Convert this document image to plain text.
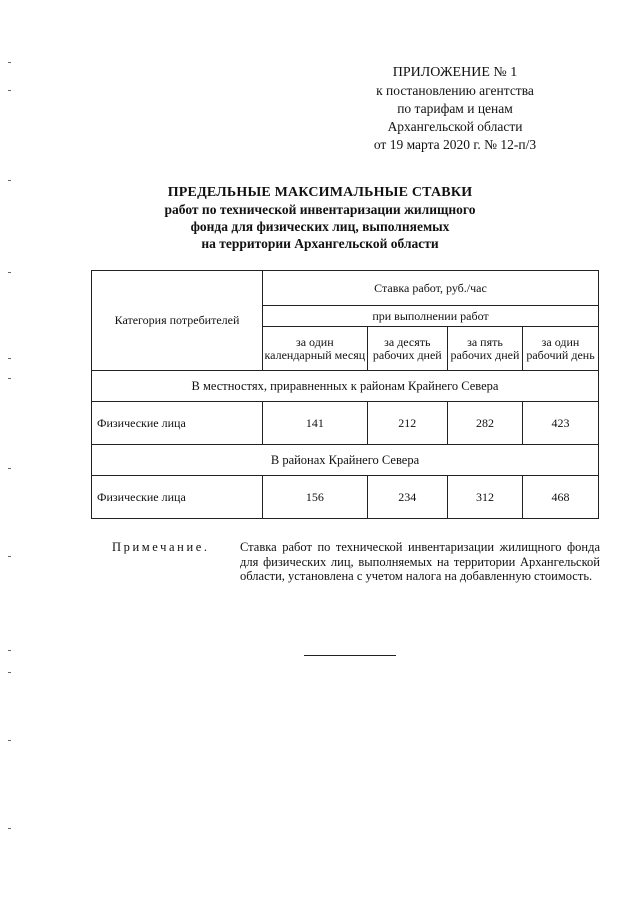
ПРИЛОЖЕНИЕ № 1
к постановлению агентства
по тарифам и ценам
Архангельской области
от 19 марта 2020 г. № 12-п/3
ПРЕДЕЛЬНЫЕ МАКСИМАЛЬНЫЕ СТАВКИ
работ по технической инвентаризации жилищного
фонда для физических лиц, выполняемых
на территории Архангельской области
Категория потребителей	Ставка работ, руб./час			
	при выполнении работ			
	за один календарный месяц	за десять рабочих дней	за пять рабочих дней	за один рабочий день
В местностях, приравненных к районам Крайнего Севера				
Физические лица	141	212	282	423
В районах Крайнего Севера				
Физические лица	156	234	312	468
Примечание. Ставка работ по технической инвентаризации жилищного фонда для физических лиц, выполняемых на территории Архангельской области, установлена с учетом налога на добавленную стоимость.
